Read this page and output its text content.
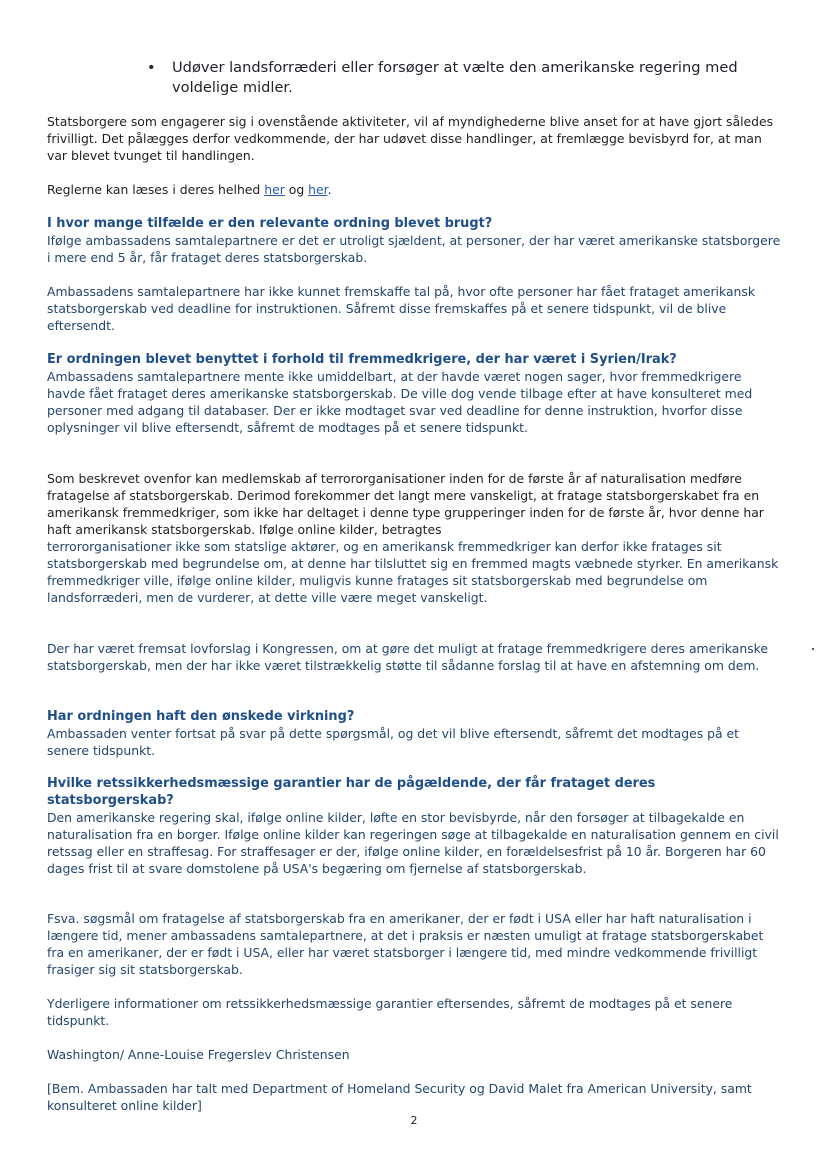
• Udøver landsforræderi eller forsøger at vælte den amerikanske regering med voldelige midler.

Statsborgere som engagerer sig i ovenstående aktiviteter, vil af myndighederne blive anset for at have gjort således frivilligt. Det pålægges derfor vedkommende, der har udøvet disse handlinger, at fremlægge bevisbyrd for, at man var blevet tvunget til handlingen.

Reglerne kan læses i deres helhed her og her.

I hvor mange tilfælde er den relevante ordning blevet brugt?

Ifølge ambassadens samtalepartnere er det er utroligt sjældent, at personer, der har været amerikanske statsborgere i mere end 5 år, får frataget deres statsborgerskab.

Ambassadens samtalepartnere har ikke kunnet fremskaffe tal på, hvor ofte personer har fået frataget amerikansk statsborgerskab ved deadline for instruktionen. Såfremt disse fremskaffes på et senere tidspunkt, vil de blive eftersendt.

Er ordningen blevet benyttet i forhold til fremmedkrigere, der har været i Syrien/Irak?

Ambassadens samtalepartnere mente ikke umiddelbart, at der havde været nogen sager, hvor fremmedkrigere havde fået frataget deres amerikanske statsborgerskab. De ville dog vende tilbage efter at have konsulteret med personer med adgang til databaser. Der er ikke modtaget svar ved deadline for denne instruktion, hvorfor disse oplysninger vil blive eftersendt, såfremt de modtages på et senere tidspunkt.

Som beskrevet ovenfor kan medlemskab af terrororganisationer inden for de første år af naturalisation medføre fratagelse af statsborgerskab. Derimod forekommer det langt mere vanskeligt, at fratage statsborgerskabet fra en amerikansk fremmedkriger, som ikke har deltaget i denne type grupperinger inden for de første år, hvor denne har haft amerikansk statsborgerskab. Ifølge online kilder, betragtes

terrororganisationer ikke som statslige aktører, og en amerikansk fremmedkriger kan derfor ikke fratages sit statsborgerskab med begrundelse om, at denne har tilsluttet sig en fremmed magts væbnede styrker. En amerikansk fremmedkriger ville, ifølge online kilder, muligvis kunne fratages sit statsborgerskab med begrundelse om landsforræderi, men de vurderer, at dette ville være meget vanskeligt.

Der har været fremsat lovforslag i Kongressen, om at gøre det muligt at fratage fremmedkrigere deres amerikanske statsborgerskab, men der har ikke været tilstrækkelig støtte til sådanne forslag til at have en afstemning om dem.

Har ordningen haft den ønskede virkning?

Ambassaden venter fortsat på svar på dette spørgsmål, og det vil blive eftersendt, såfremt det modtages på et senere tidspunkt.

Hvilke retssikkerhedsmæssige garantier har de pågældende, der får frataget deres statsborgerskab?

Den amerikanske regering skal, ifølge online kilder, løfte en stor bevisbyrde, når den forsøger at tilbagekalde en naturalisation fra en borger. Ifølge online kilder kan regeringen søge at tilbagekalde en naturalisation gennem en civil retssag eller en straffesag. For straffesager er der, ifølge online kilder, en forældelsesfrist på 10 år. Borgeren har 60 dages frist til at svare domstolene på USA's begæring om fjernelse af statsborgerskab.

Fsva. søgsmål om fratagelse af statsborgerskab fra en amerikaner, der er født i USA eller har haft naturalisation i længere tid, mener ambassadens samtalepartnere, at det i praksis er næsten umuligt at fratage statsborgerskabet fra en amerikaner, der er født i USA, eller har været statsborger i længere tid, med mindre vedkommende frivilligt frasiger sig sit statsborgerskab.

Yderligere informationer om retssikkerhedsmæssige garantier eftersendes, såfremt de modtages på et senere tidspunkt.

Washington/ Anne-Louise Fregerslev Christensen

[Bem. Ambassaden har talt med Department of Homeland Security og David Malet fra American University, samt konsulteret online kilder]

2
